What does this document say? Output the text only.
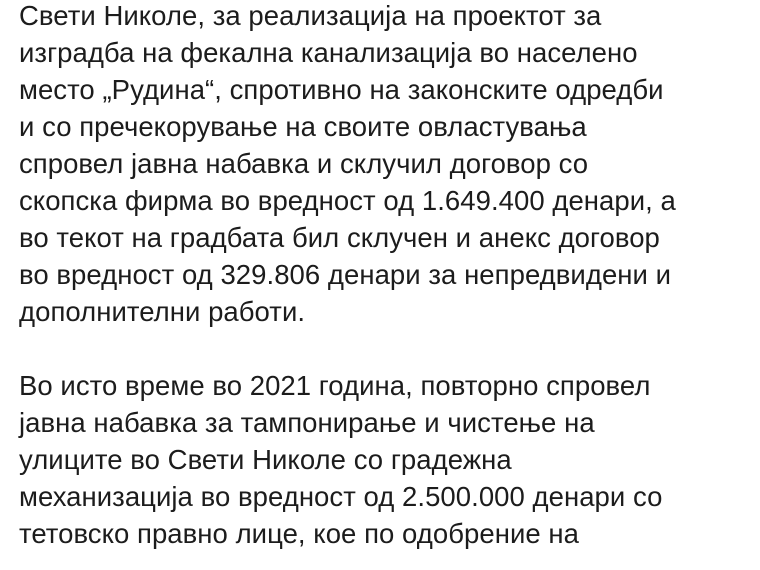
Свети Николе, за реализација на проектот за
изградба на фекална канализација во населено
место „Рудина“, спротивно на законските одредби
и со пречекорување на своите овластувања
спровел јавна набавка и склучил договор со
скопска фирма во вредност од 1.649.400 денари, а
во текот на градбата бил склучен и анекс договор
во вредност од 329.806 денари за непредвидени и
дополнителни работи.
Во исто време во 2021 година, повторно спровел
јавна набавка за тампонирање и чистење на
улиците во Свети Николе со градежна
механизација во вредност од 2.500.000 денари со
тетовско правно лице, кое по одобрение на
